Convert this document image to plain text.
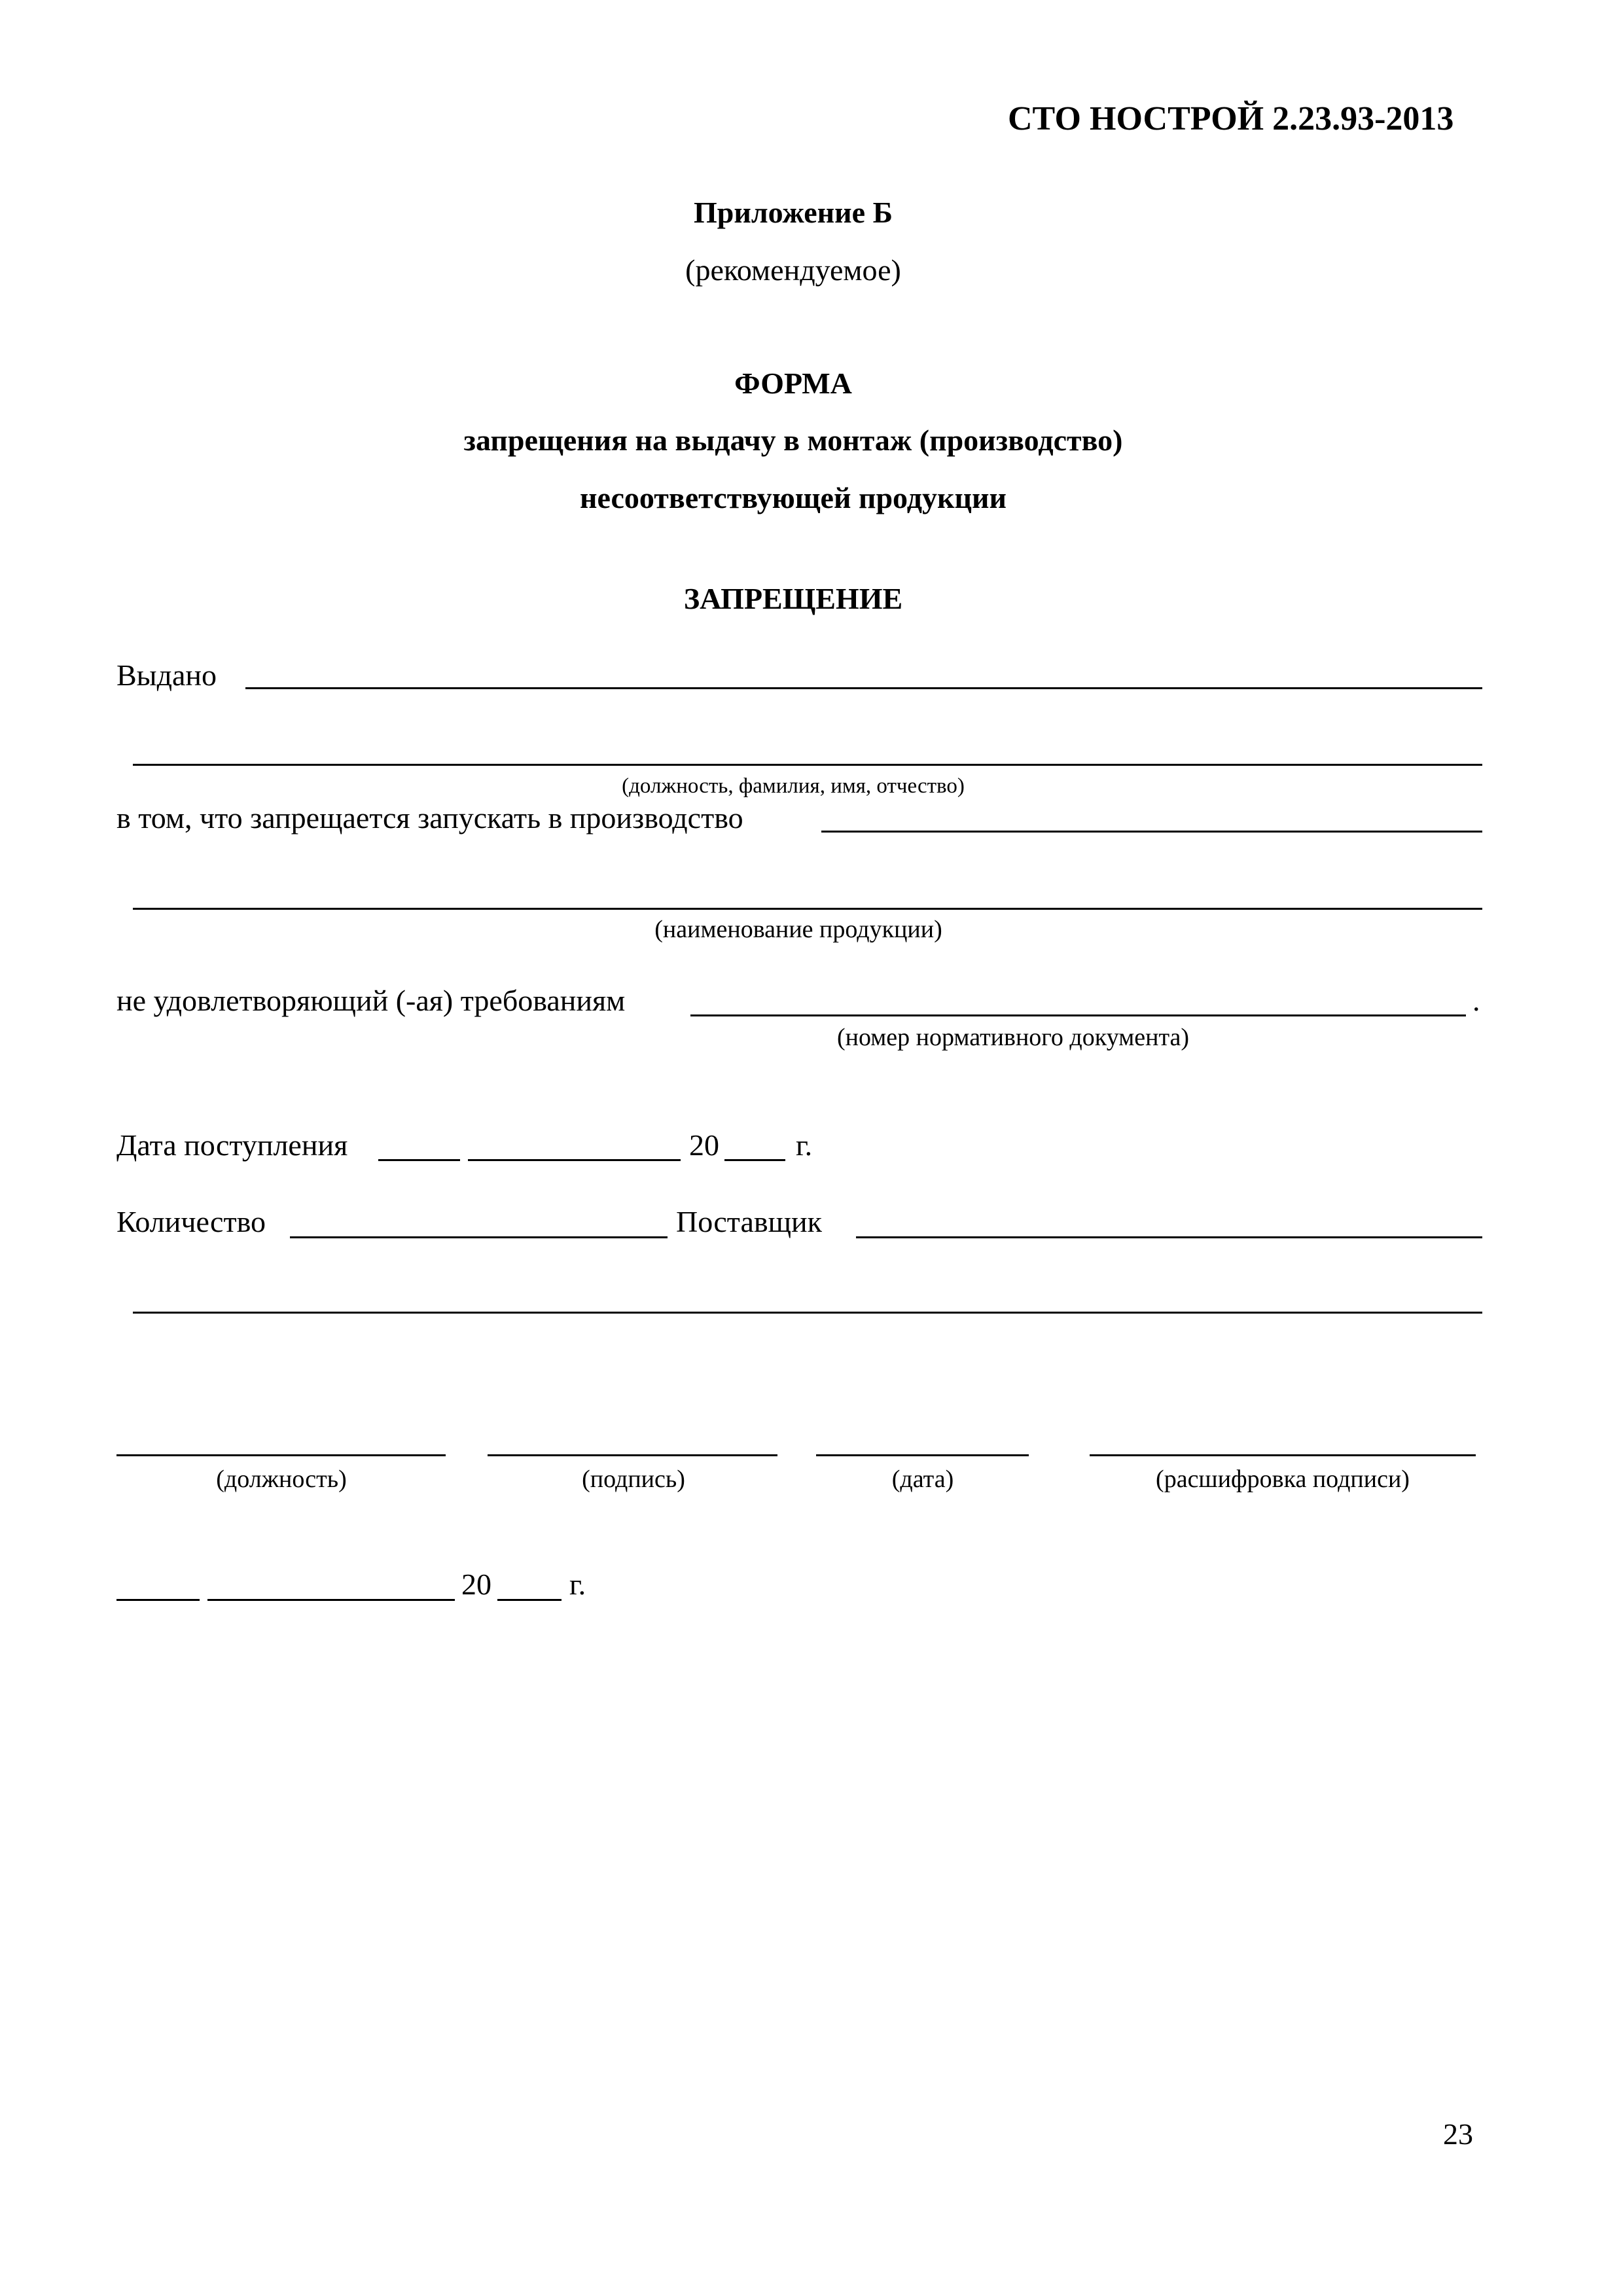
СТО НОСТРОЙ 2.23.93-2013
Приложение Б
(рекомендуемое)
ФОРМА
запрещения на выдачу в монтаж (производство)
несоответствующей продукции
ЗАПРЕЩЕНИЕ
Выдано
(должность, фамилия, имя, отчество)
в том, что запрещается запускать в производство
(наименование продукции)
не удовлетворяющий (-ая) требованиям	.
(номер нормативного документа)
Дата поступления	20	г.
Количество	Поставщик
(должность)	(подпись)	(дата)	(расшифровка подписи)
20	г.
23
